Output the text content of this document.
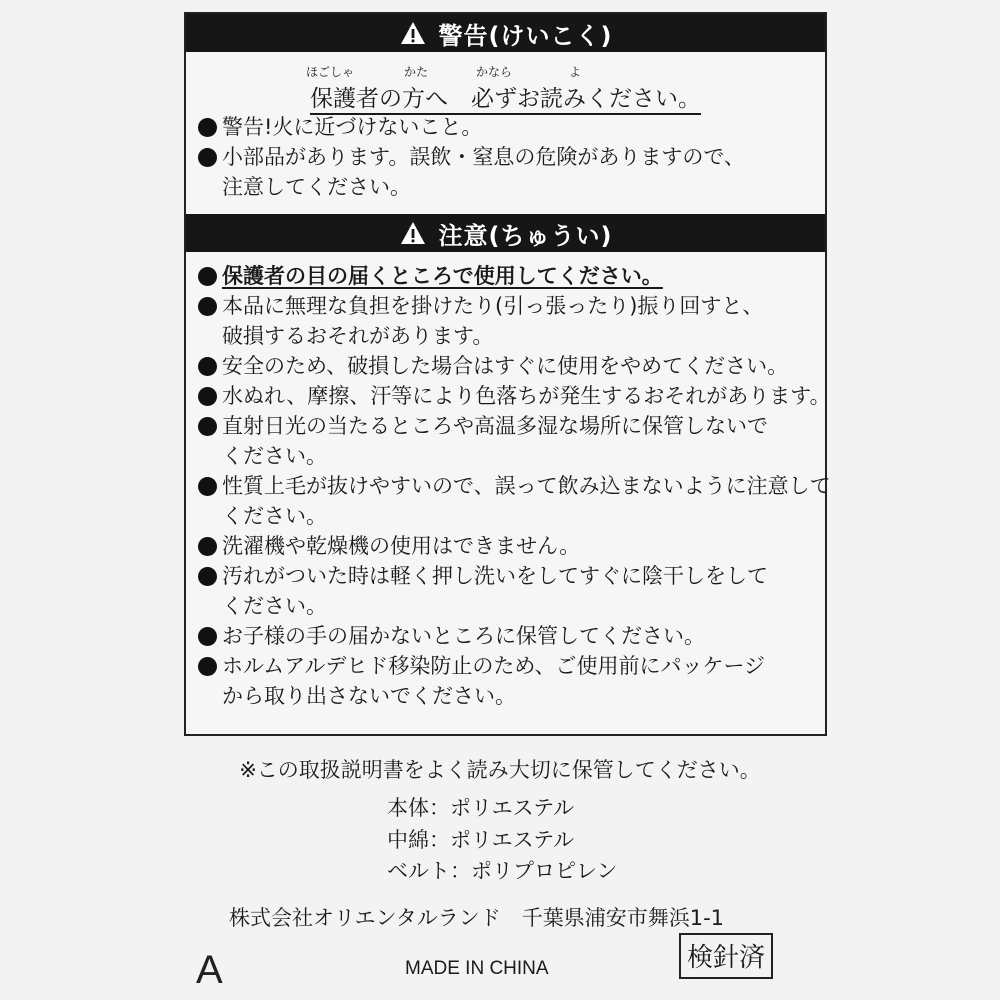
警告(けいこく)
ほごしゃ	かた	かなら	よ
保護者の方へ　必ずお読みください。
警告!火に近づけないこと。
小部品があります。誤飲・窒息の危険がありますので、
注意してください。
注意(ちゅうい)
保護者の目の届くところで使用してください。
本品に無理な負担を掛けたり(引っ張ったり)振り回すと、
破損するおそれがあります。
安全のため、破損した場合はすぐに使用をやめてください。
水ぬれ、摩擦、汗等により色落ちが発生するおそれがあります。
直射日光の当たるところや高温多湿な場所に保管しないで
ください。
性質上毛が抜けやすいので、誤って飲み込まないように注意して
ください。
洗濯機や乾燥機の使用はできません。
汚れがついた時は軽く押し洗いをしてすぐに陰干しをして
ください。
お子様の手の届かないところに保管してください。
ホルムアルデヒド移染防止のため、ご使用前にパッケージ
から取り出さないでください。
※この取扱説明書をよく読み大切に保管してください。
本体：ポリエステル
中綿：ポリエステル
ベルト：ポリプロピレン
株式会社オリエンタルランド　千葉県浦安市舞浜1-1
A	MADE IN CHINA	検針済
